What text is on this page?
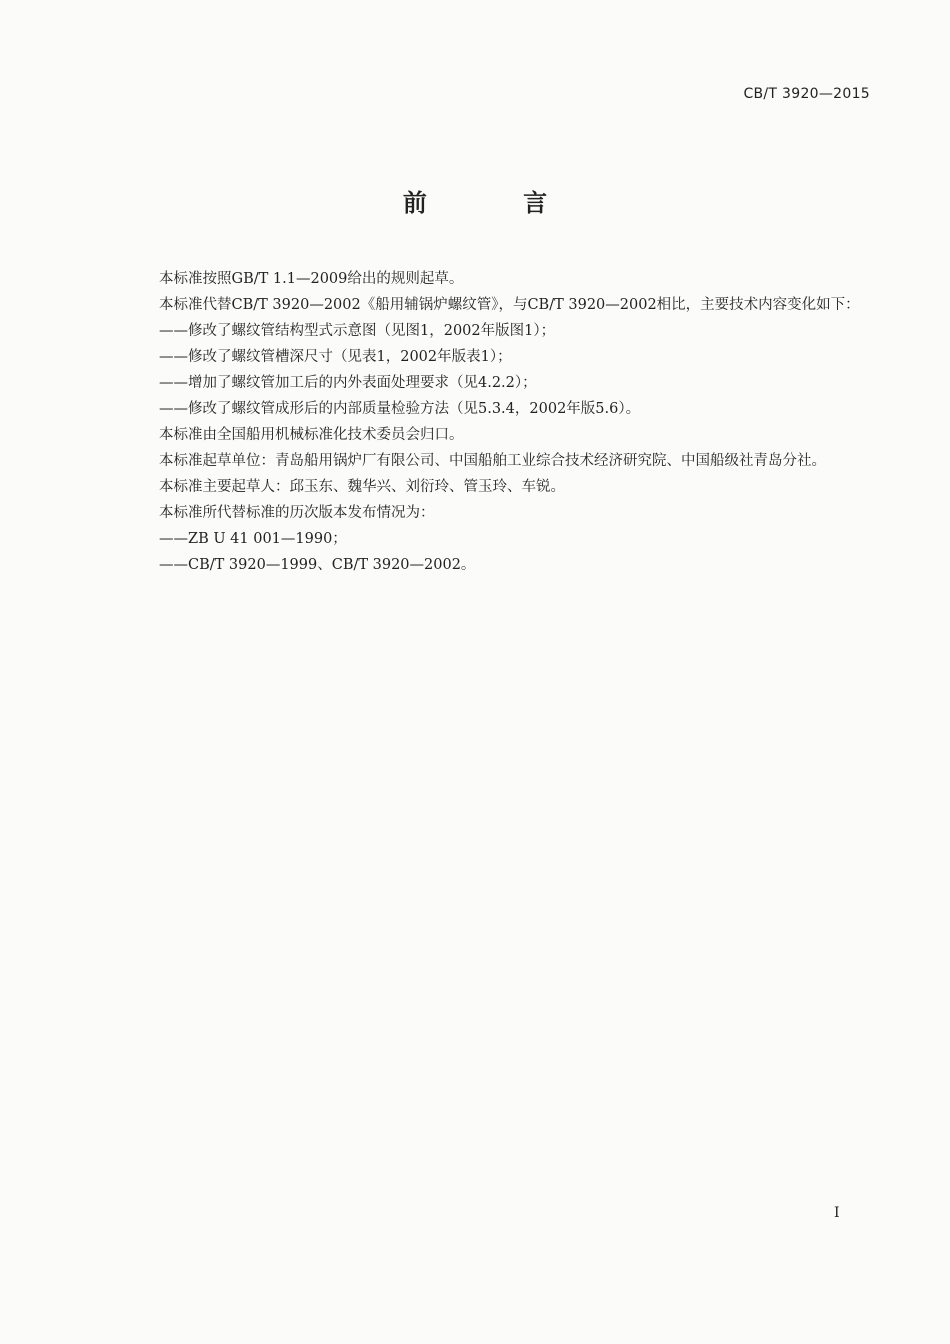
CB/T 3920—2015
前 言

本标准按照GB/T 1.1—2009给出的规则起草。

本标准代替CB/T 3920—2002《船用辅锅炉螺纹管》，与CB/T 3920—2002相比，主要技术内容变化如下：

——修改了螺纹管结构型式示意图（见图1，2002年版图1）；

——修改了螺纹管槽深尺寸（见表1，2002年版表1）；

——增加了螺纹管加工后的内外表面处理要求（见4.2.2）；

——修改了螺纹管成形后的内部质量检验方法（见5.3.4，2002年版5.6）。

本标准由全国船用机械标准化技术委员会归口。

本标准起草单位：青岛船用锅炉厂有限公司、中国船舶工业综合技术经济研究院、中国船级社青岛分社。

本标准主要起草人：邱玉东、魏华兴、刘衍玲、管玉玲、车锐。

本标准所代替标准的历次版本发布情况为：

——ZB U 41 001—1990；

——CB/T 3920—1999、CB/T 3920—2002。

I
